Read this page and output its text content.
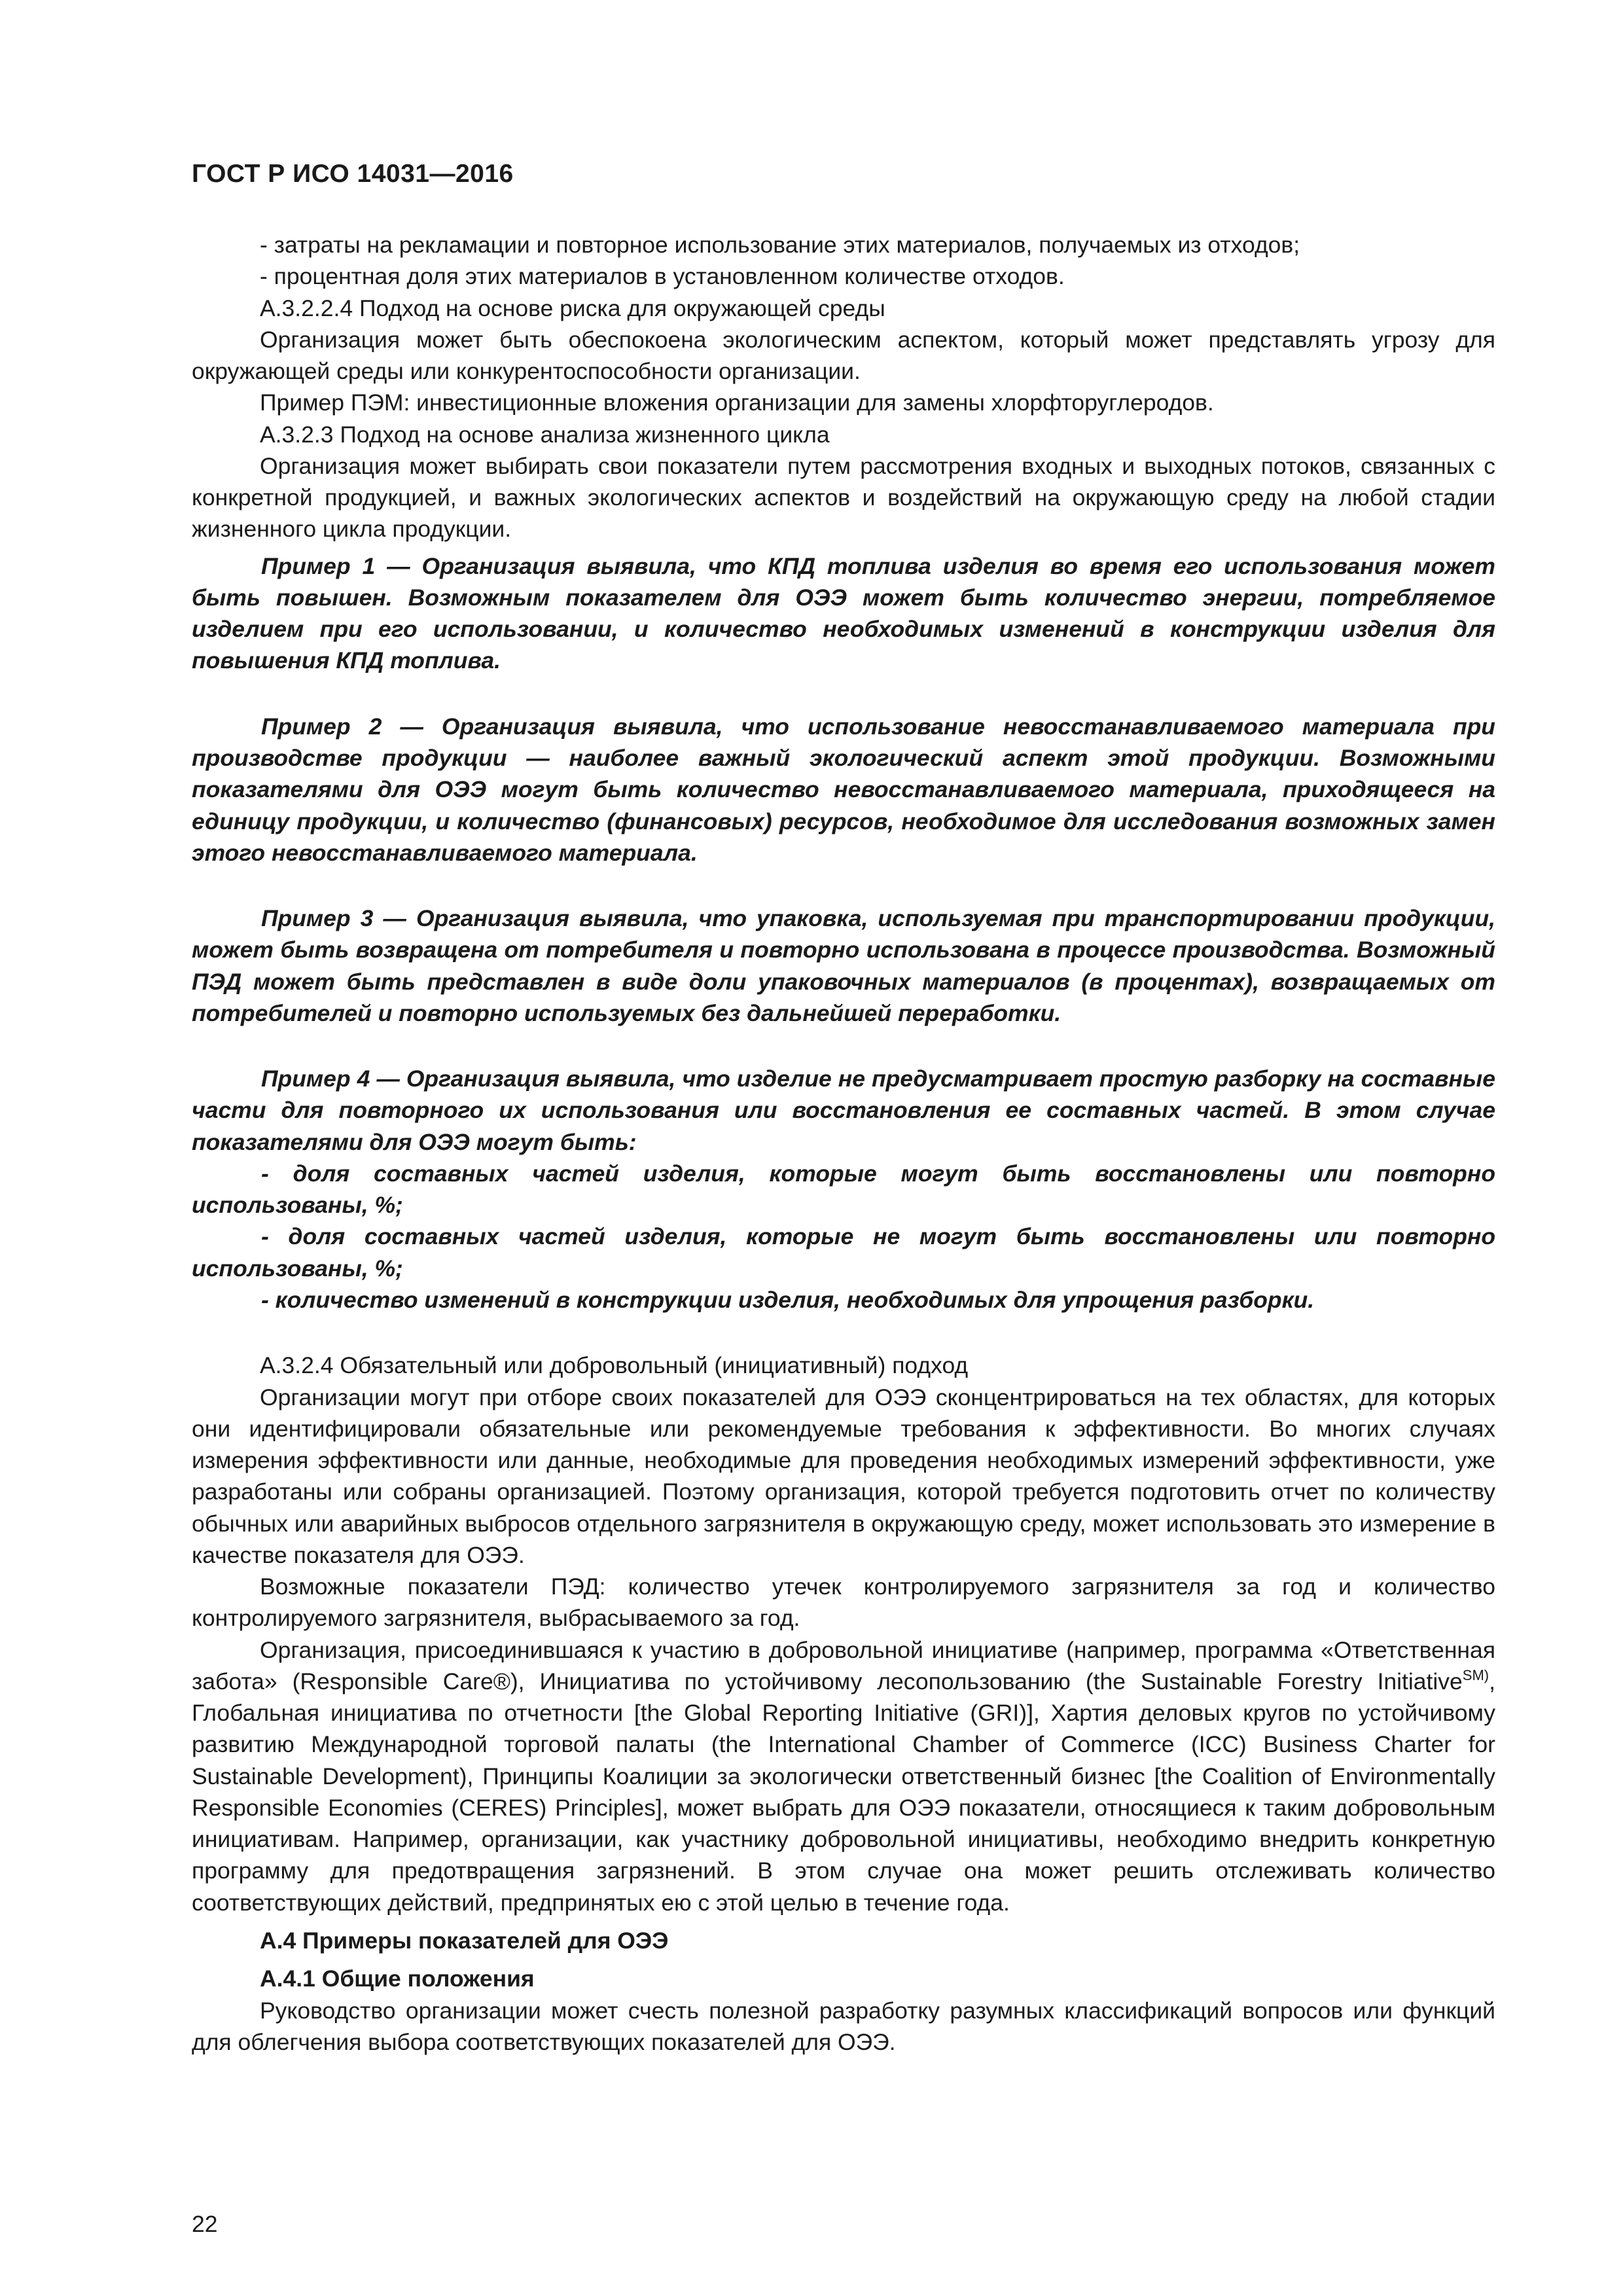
ГОСТ Р ИСО 14031—2016

- затраты на рекламации и повторное использование этих материалов, получаемых из отходов;

- процентная доля этих материалов в установленном количестве отходов.

А.3.2.2.4 Подход на основе риска для окружающей среды

Организация может быть обеспокоена экологическим аспектом, который может представлять угрозу для окружающей среды или конкурентоспособности организации.

Пример ПЭМ: инвестиционные вложения организации для замены хлорфторуглеродов.

А.3.2.3 Подход на основе анализа жизненного цикла

Организация может выбирать свои показатели путем рассмотрения входных и выходных потоков, связанных с конкретной продукцией, и важных экологических аспектов и воздействий на окружающую среду на любой стадии жизненного цикла продукции.

Пример 1 — Организация выявила, что КПД топлива изделия во время его использования может быть повышен. Возможным показателем для ОЭЭ может быть количество энергии, потребляемое изделием при его использовании, и количество необходимых изменений в конструкции изделия для повышения КПД топлива.

Пример 2 — Организация выявила, что использование невосстанавливаемого материала при производстве продукции — наиболее важный экологический аспект этой продукции. Возможными показателями для ОЭЭ могут быть количество невосстанавливаемого материала, приходящееся на единицу продукции, и количество (финансовых) ресурсов, необходимое для исследования возможных замен этого невосстанавливаемого материала.

Пример 3 — Организация выявила, что упаковка, используемая при транспортировании продукции, может быть возвращена от потребителя и повторно использована в процессе производства. Возможный ПЭД может быть представлен в виде доли упаковочных материалов (в процентах), возвращаемых от потребителей и повторно используемых без дальнейшей переработки.

Пример 4 — Организация выявила, что изделие не предусматривает простую разборку на составные части для повторного их использования или восстановления ее составных частей. В этом случае показателями для ОЭЭ могут быть:

- доля составных частей изделия, которые могут быть восстановлены или повторно использованы, %;

- доля составных частей изделия, которые не могут быть восстановлены или повторно использованы, %;

- количество изменений в конструкции изделия, необходимых для упрощения разборки.

А.3.2.4 Обязательный или добровольный (инициативный) подход

Организации могут при отборе своих показателей для ОЭЭ сконцентрироваться на тех областях, для которых они идентифицировали обязательные или рекомендуемые требования к эффективности. Во многих случаях измерения эффективности или данные, необходимые для проведения необходимых измерений эффективности, уже разработаны или собраны организацией. Поэтому организация, которой требуется подготовить отчет по количеству обычных или аварийных выбросов отдельного загрязнителя в окружающую среду, может использовать это измерение в качестве показателя для ОЭЭ.

Возможные показатели ПЭД: количество утечек контролируемого загрязнителя за год и количество контролируемого загрязнителя, выбрасываемого за год.

Организация, присоединившаяся к участию в добровольной инициативе (например, программа «Ответственная забота» (Responsible Care®), Инициатива по устойчивому лесопользованию (the Sustainable Forestry Initiative$^{SM)}$, Глобальная инициатива по отчетности [the Global Reporting Initiative (GRI)], Хартия деловых кругов по устойчивому развитию Международной торговой палаты (the International Chamber of Commerce (ICC) Business Charter for Sustainable Development), Принципы Коалиции за экологически ответственный бизнес [the Coalition of Environmentally Responsible Economies (CERES) Principles], может выбрать для ОЭЭ показатели, относящиеся к таким добровольным инициативам. Например, организации, как участнику добровольной инициативы, необходимо внедрить конкретную программу для предотвращения загрязнений. В этом случае она может решить отслеживать количество соответствующих действий, предпринятых ею с этой целью в течение года.

А.4 Примеры показателей для ОЭЭ

А.4.1 Общие положения

Руководство организации может счесть полезной разработку разумных классификаций вопросов или функций для облегчения выбора соответствующих показателей для ОЭЭ.

22
